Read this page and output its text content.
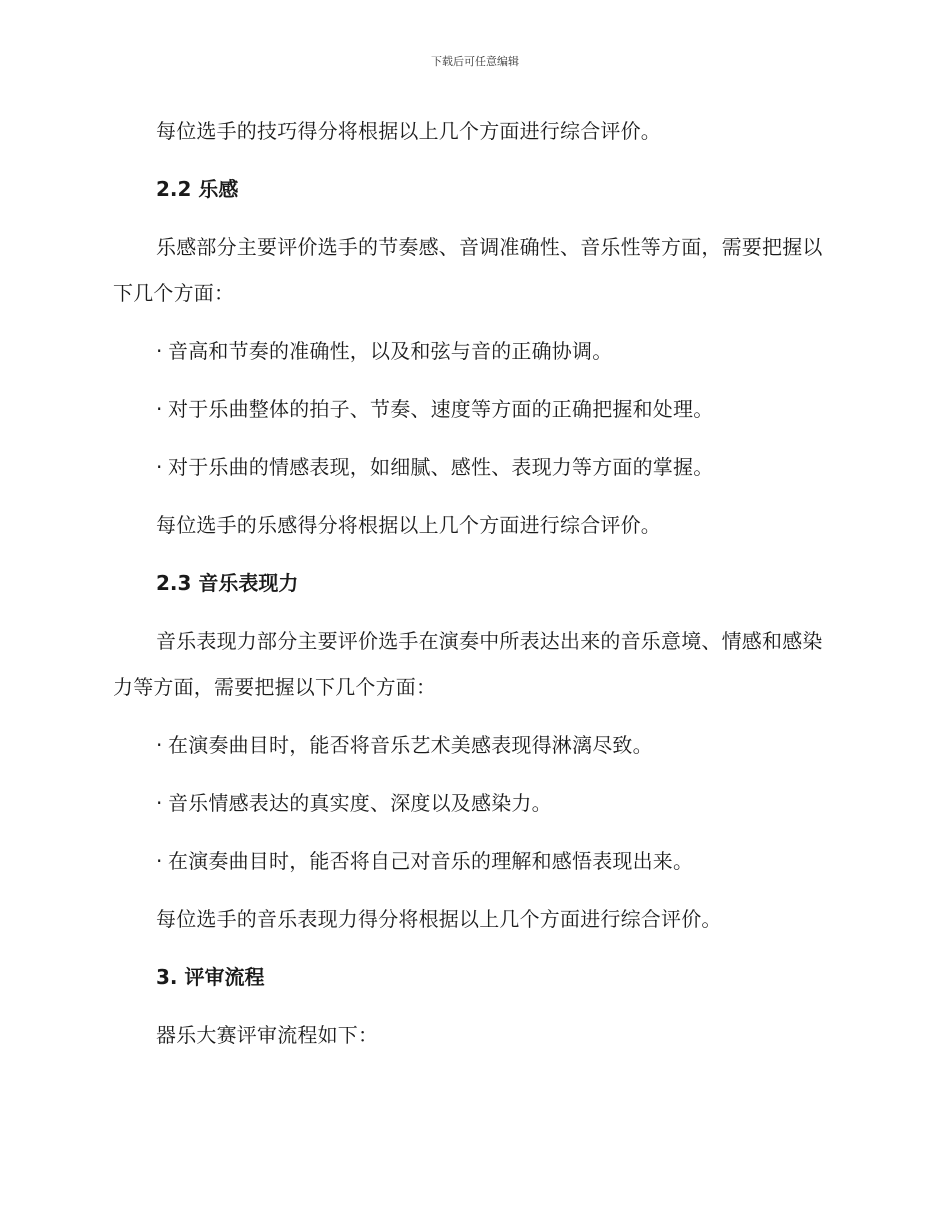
下载后可任意编辑

每位选手的技巧得分将根据以上几个方面进行综合评价。

2.2 乐感

乐感部分主要评价选手的节奏感、音调准确性、音乐性等方面，需要把握以下几个方面：

· 音高和节奏的准确性，以及和弦与音的正确协调。
· 对于乐曲整体的拍子、节奏、速度等方面的正确把握和处理。
· 对于乐曲的情感表现，如细腻、感性、表现力等方面的掌握。

每位选手的乐感得分将根据以上几个方面进行综合评价。

2.3 音乐表现力

音乐表现力部分主要评价选手在演奏中所表达出来的音乐意境、情感和感染力等方面，需要把握以下几个方面：

· 在演奏曲目时，能否将音乐艺术美感表现得淋漓尽致。
· 音乐情感表达的真实度、深度以及感染力。
· 在演奏曲目时，能否将自己对音乐的理解和感悟表现出来。

每位选手的音乐表现力得分将根据以上几个方面进行综合评价。

3. 评审流程

器乐大赛评审流程如下：
